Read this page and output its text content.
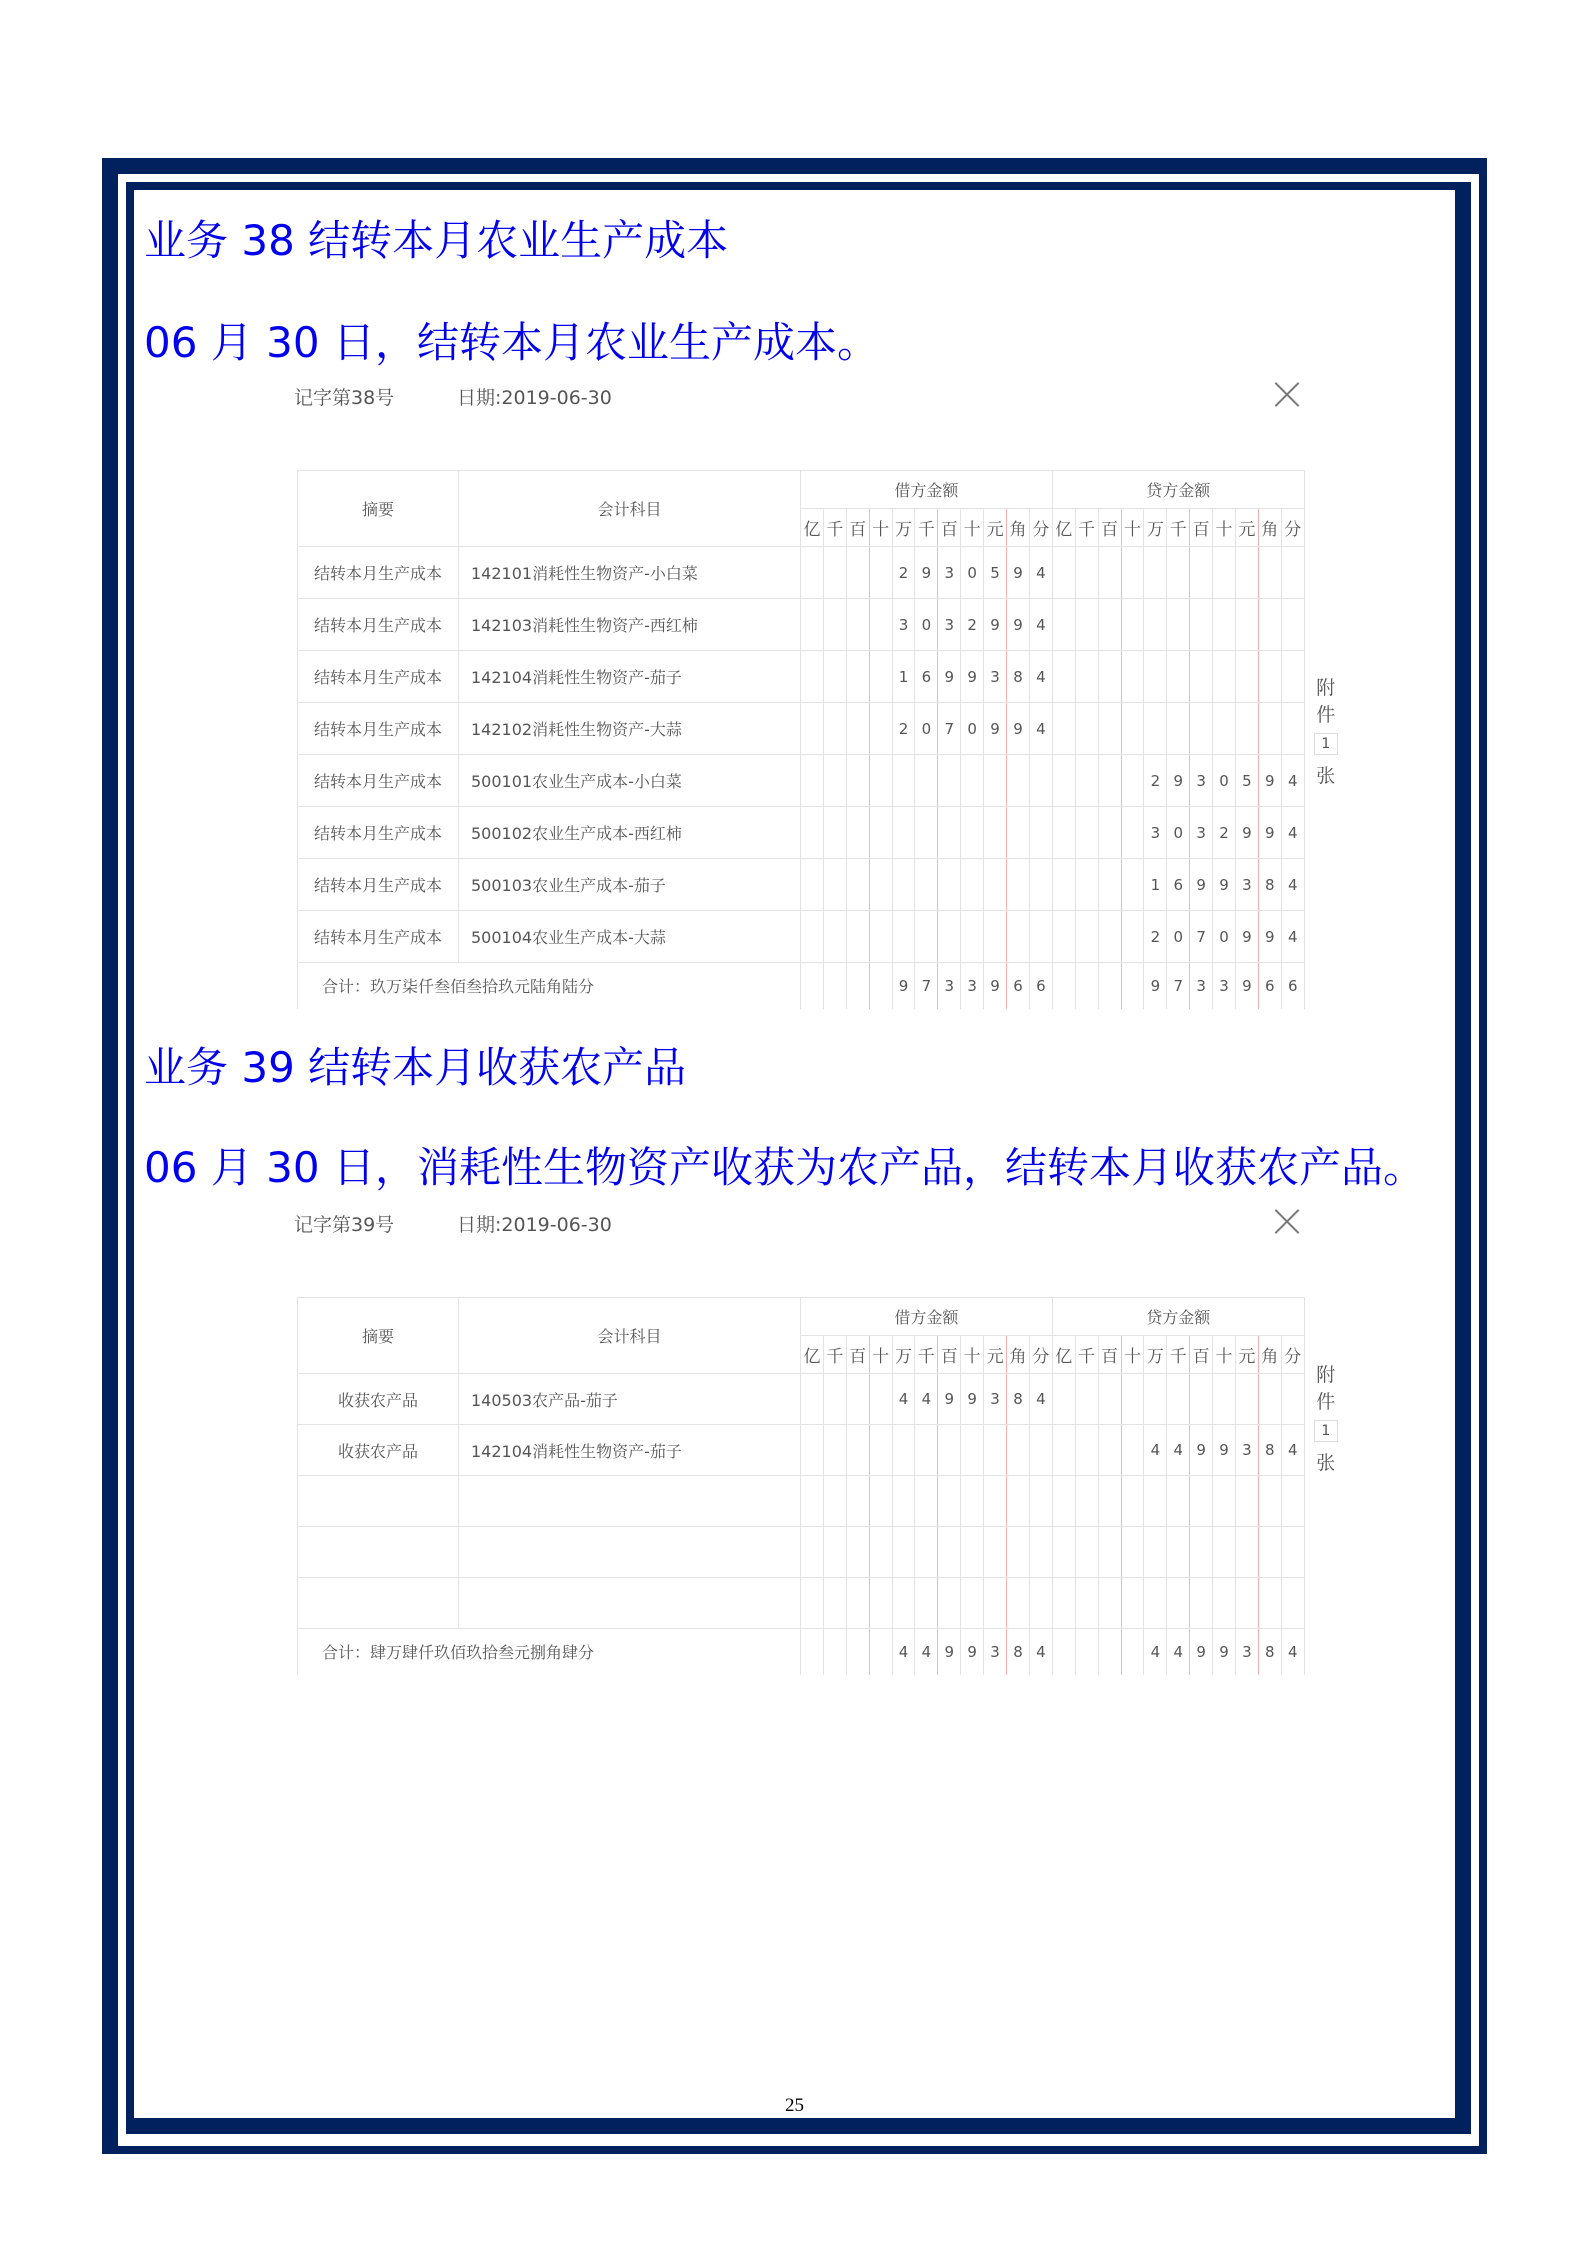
业务 38 结转本月农业生产成本
06 月 30 日，结转本月农业生产成本。
记字第38号	日期:2019-06-30
摘要	会计科目	借方金额											贷方金额										
		亿	千	百	十	万	千	百	十	元	角	分	亿	千	百	十	万	千	百	十	元	角	分
结转本月生产成本	142101消耗性生物资产-小白菜					2	9	3	0	5	9	4											
结转本月生产成本	142103消耗性生物资产-西红柿					3	0	3	2	9	9	4											
结转本月生产成本	142104消耗性生物资产-茄子					1	6	9	9	3	8	4											
结转本月生产成本	142102消耗性生物资产-大蒜					2	0	7	0	9	9	4											
结转本月生产成本	500101农业生产成本-小白菜																2	9	3	0	5	9	4
结转本月生产成本	500102农业生产成本-西红柿																3	0	3	2	9	9	4
结转本月生产成本	500103农业生产成本-茄子																1	6	9	9	3	8	4
结转本月生产成本	500104农业生产成本-大蒜																2	0	7	0	9	9	4
合计：玖万柒仟叁佰叁拾玖元陆角陆分						9	7	3	3	9	6	6					9	7	3	3	9	6	6
附
件
1
张
业务 39 结转本月收获农产品
06 月 30 日，消耗性生物资产收获为农产品，结转本月收获农产品。
记字第39号	日期:2019-06-30
摘要	会计科目	借方金额											贷方金额										
		亿	千	百	十	万	千	百	十	元	角	分	亿	千	百	十	万	千	百	十	元	角	分
收获农产品	140503农产品-茄子					4	4	9	9	3	8	4											
收获农产品	142104消耗性生物资产-茄子																4	4	9	9	3	8	4

合计：肆万肆仟玖佰玖拾叁元捌角肆分						4	4	9	9	3	8	4					4	4	9	9	3	8	4
附
件
1
张
25
